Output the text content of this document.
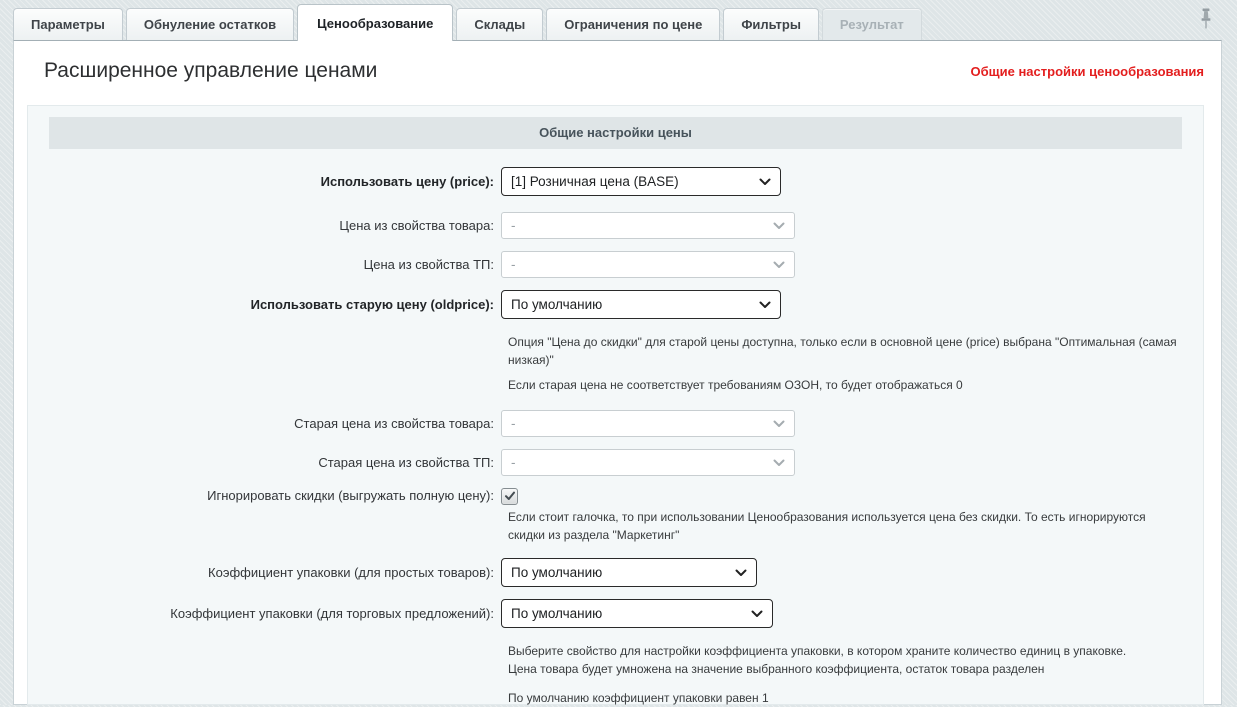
Параметры	Обнуление остатков	Ценообразование	Склады	Ограничения по цене	Фильтры	Результат
Расширенное управление ценами	Общие настройки ценообразования
Общие настройки цены
Использовать цену (price):	[1] Розничная цена (BASE)
Цена из свойства товара:	-
Цена из свойства ТП:	-
Использовать старую цену (oldprice):	По умолчанию

Опция "Цена до скидки" для старой цены доступна, только если в основной цене (price) выбрана "Оптимальная (самая низкая)"

Если старая цена не соответствует требованиям ОЗОН, то будет отображаться 0

Старая цена из свойства товара:	-
Старая цена из свойства ТП:	-
Игнорировать скидки (выгружать полную цену):

Если стоит галочка, то при использовании Ценообразования используется цена без скидки. То есть игнорируются скидки из раздела "Маркетинг"

Коэффициент упаковки (для простых товаров):	По умолчанию
Коэффициент упаковки (для торговых предложений):	По умолчанию

Выберите свойство для настройки коэффициента упаковки, в котором храните количество единиц в упаковке.

Цена товара будет умножена на значение выбранного коэффициента, остаток товара разделен

По умолчанию коэффициент упаковки равен 1
